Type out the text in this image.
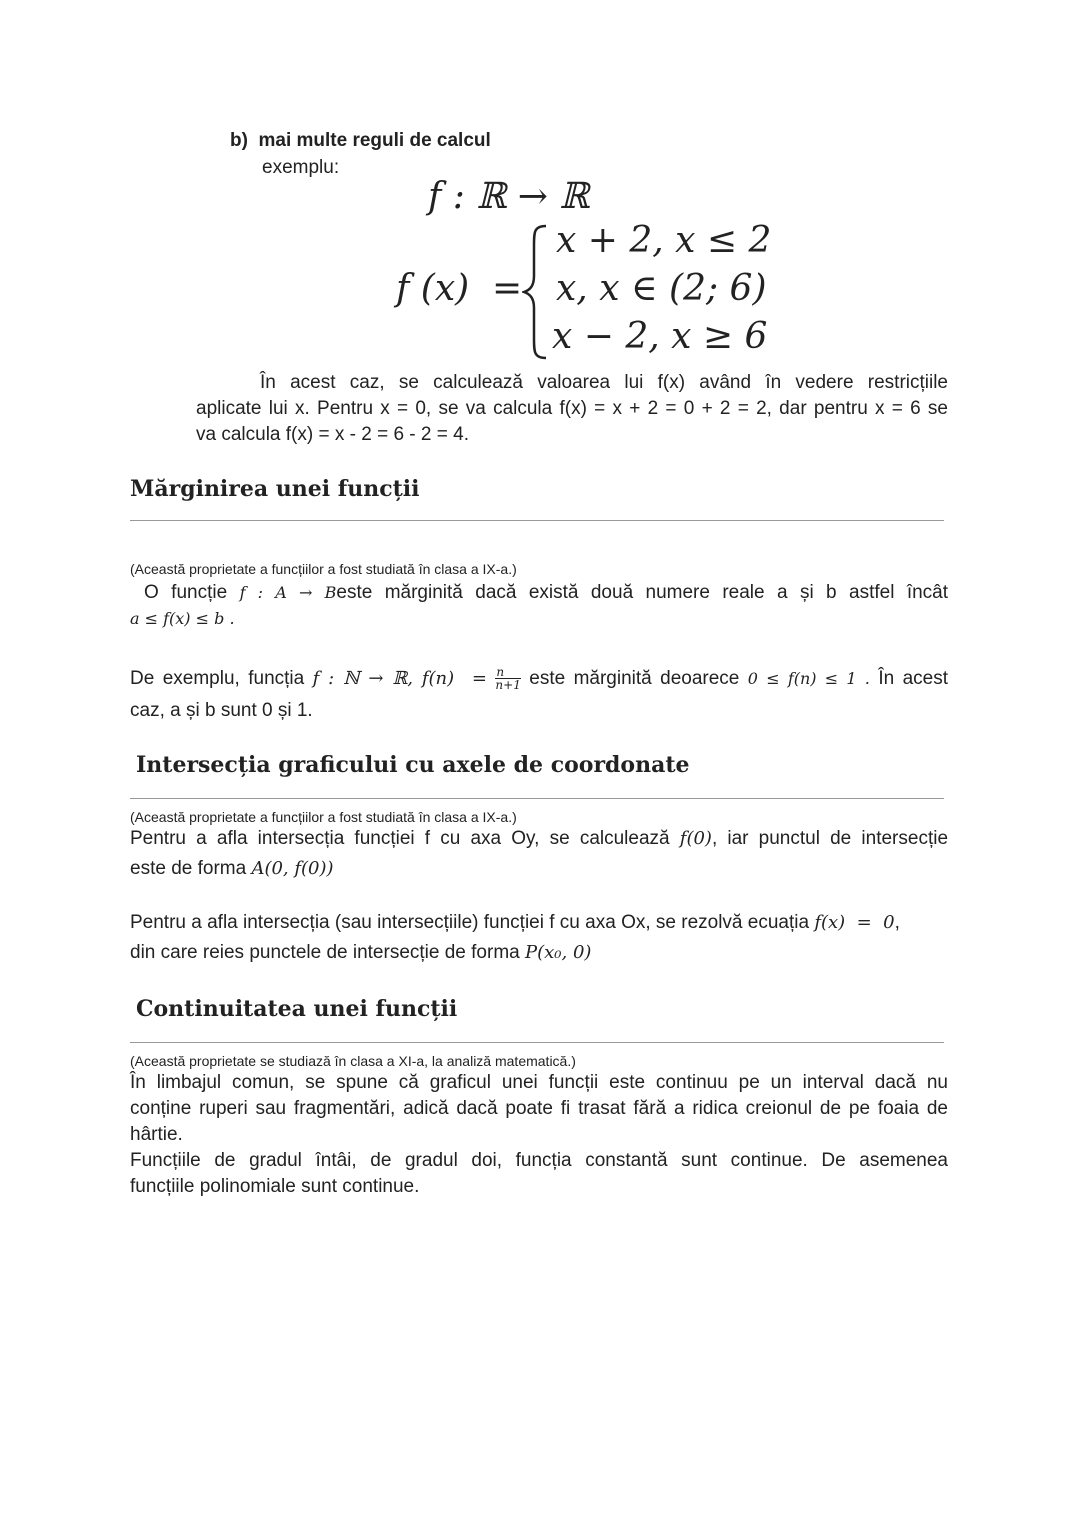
b)  mai multe reguli de calcul
exemplu:
f : ℝ → ℝ
f (x)  =
x + 2, x ≤ 2
x, x ∈ (2; 6)
x − 2, x ≥ 6
În acest caz, se calculează valoarea lui f(x) având în vedere restricțiile
aplicate lui x. Pentru x = 0, se va calcula f(x) = x + 2 = 0 + 2 = 2, dar pentru x = 6 se
va calcula f(x) = x - 2 = 6 - 2 = 4.
Mărginirea unei funcții
(Această proprietate a funcțiilor a fost studiată în clasa a IX-a.)
O funcție f : A → Beste mărginită dacă există două numere reale a și b astfel încât
a ≤ f(x) ≤ b .
De exemplu, funcția f : ℕ → ℝ, $f(n) = \frac{n}{n+1}$ este mărginită deoarece 0 ≤ f(n) ≤ 1 . În acest
caz, a și b sunt 0 și 1.
Intersecția graficului cu axele de coordonate
(Această proprietate a funcțiilor a fost studiată în clasa a IX-a.)
Pentru a afla intersecția funcției f cu axa Oy, se calculează f(0), iar punctul de intersecție
este de forma A(0, f(0))
Pentru a afla intersecția (sau intersecțiile) funcției f cu axa Ox, se rezolvă ecuația f(x)  =  0,
din care reies punctele de intersecție de forma P(x₀, 0)
Continuitatea unei funcții
(Această proprietate se studiază în clasa a XI-a, la analiză matematică.)
În limbajul comun, se spune că graficul unei funcții este continuu pe un interval dacă nu
conține ruperi sau fragmentări, adică dacă poate fi trasat fără a ridica creionul de pe foaia de
hârtie.
Funcțiile de gradul întâi, de gradul doi, funcția constantă sunt continue. De asemenea
funcțiile polinomiale sunt continue.
